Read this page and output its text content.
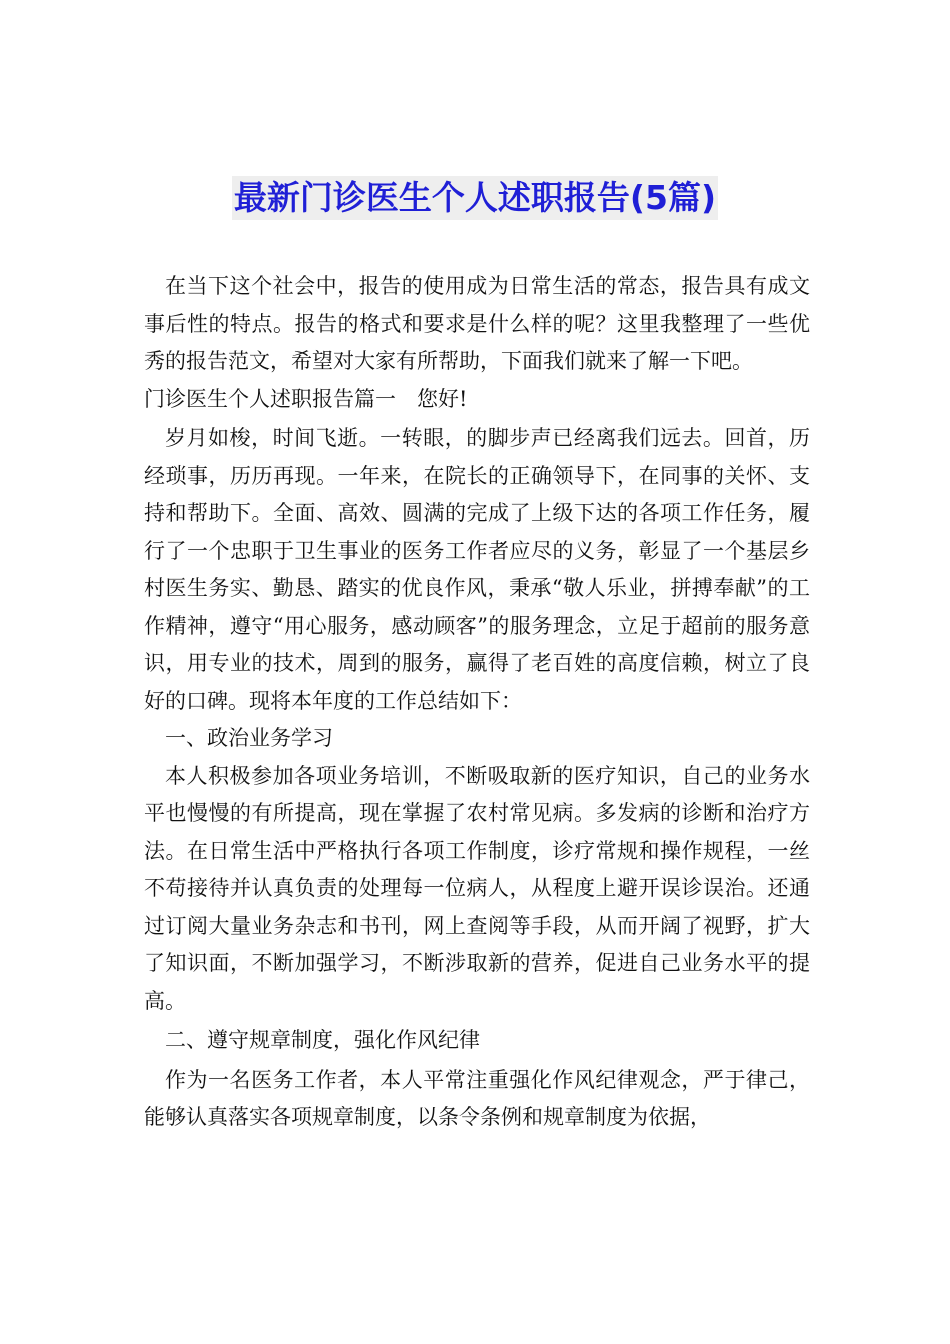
最新门诊医生个人述职报告(5篇)

在当下这个社会中，报告的使用成为日常生活的常态，报告具有成文事后性的特点。报告的格式和要求是什么样的呢？这里我整理了一些优秀的报告范文，希望对大家有所帮助，下面我们就来了解一下吧。

门诊医生个人述职报告篇一　您好!

岁月如梭，时间飞逝。一转眼，的脚步声已经离我们远去。回首，历经琐事，历历再现。一年来，在院长的正确领导下，在同事的关怀、支持和帮助下。全面、高效、圆满的完成了上级下达的各项工作任务，履行了一个忠职于卫生事业的医务工作者应尽的义务，彰显了一个基层乡村医生务实、勤恳、踏实的优良作风，秉承“敬人乐业，拼搏奉献”的工作精神，遵守“用心服务，感动顾客”的服务理念，立足于超前的服务意识，用专业的技术，周到的服务，赢得了老百姓的高度信赖，树立了良好的口碑。现将本年度的工作总结如下：

一、政治业务学习

本人积极参加各项业务培训，不断吸取新的医疗知识，自己的业务水平也慢慢的有所提高，现在掌握了农村常见病。多发病的诊断和治疗方法。在日常生活中严格执行各项工作制度，诊疗常规和操作规程，一丝不苟接待并认真负责的处理每一位病人，从程度上避开误诊误治。还通过订阅大量业务杂志和书刊，网上查阅等手段，从而开阔了视野，扩大了知识面，不断加强学习，不断涉取新的营养，促进自己业务水平的提高。

二、遵守规章制度，强化作风纪律

作为一名医务工作者，本人平常注重强化作风纪律观念，严于律己，能够认真落实各项规章制度，以条令条例和规章制度为依据，
